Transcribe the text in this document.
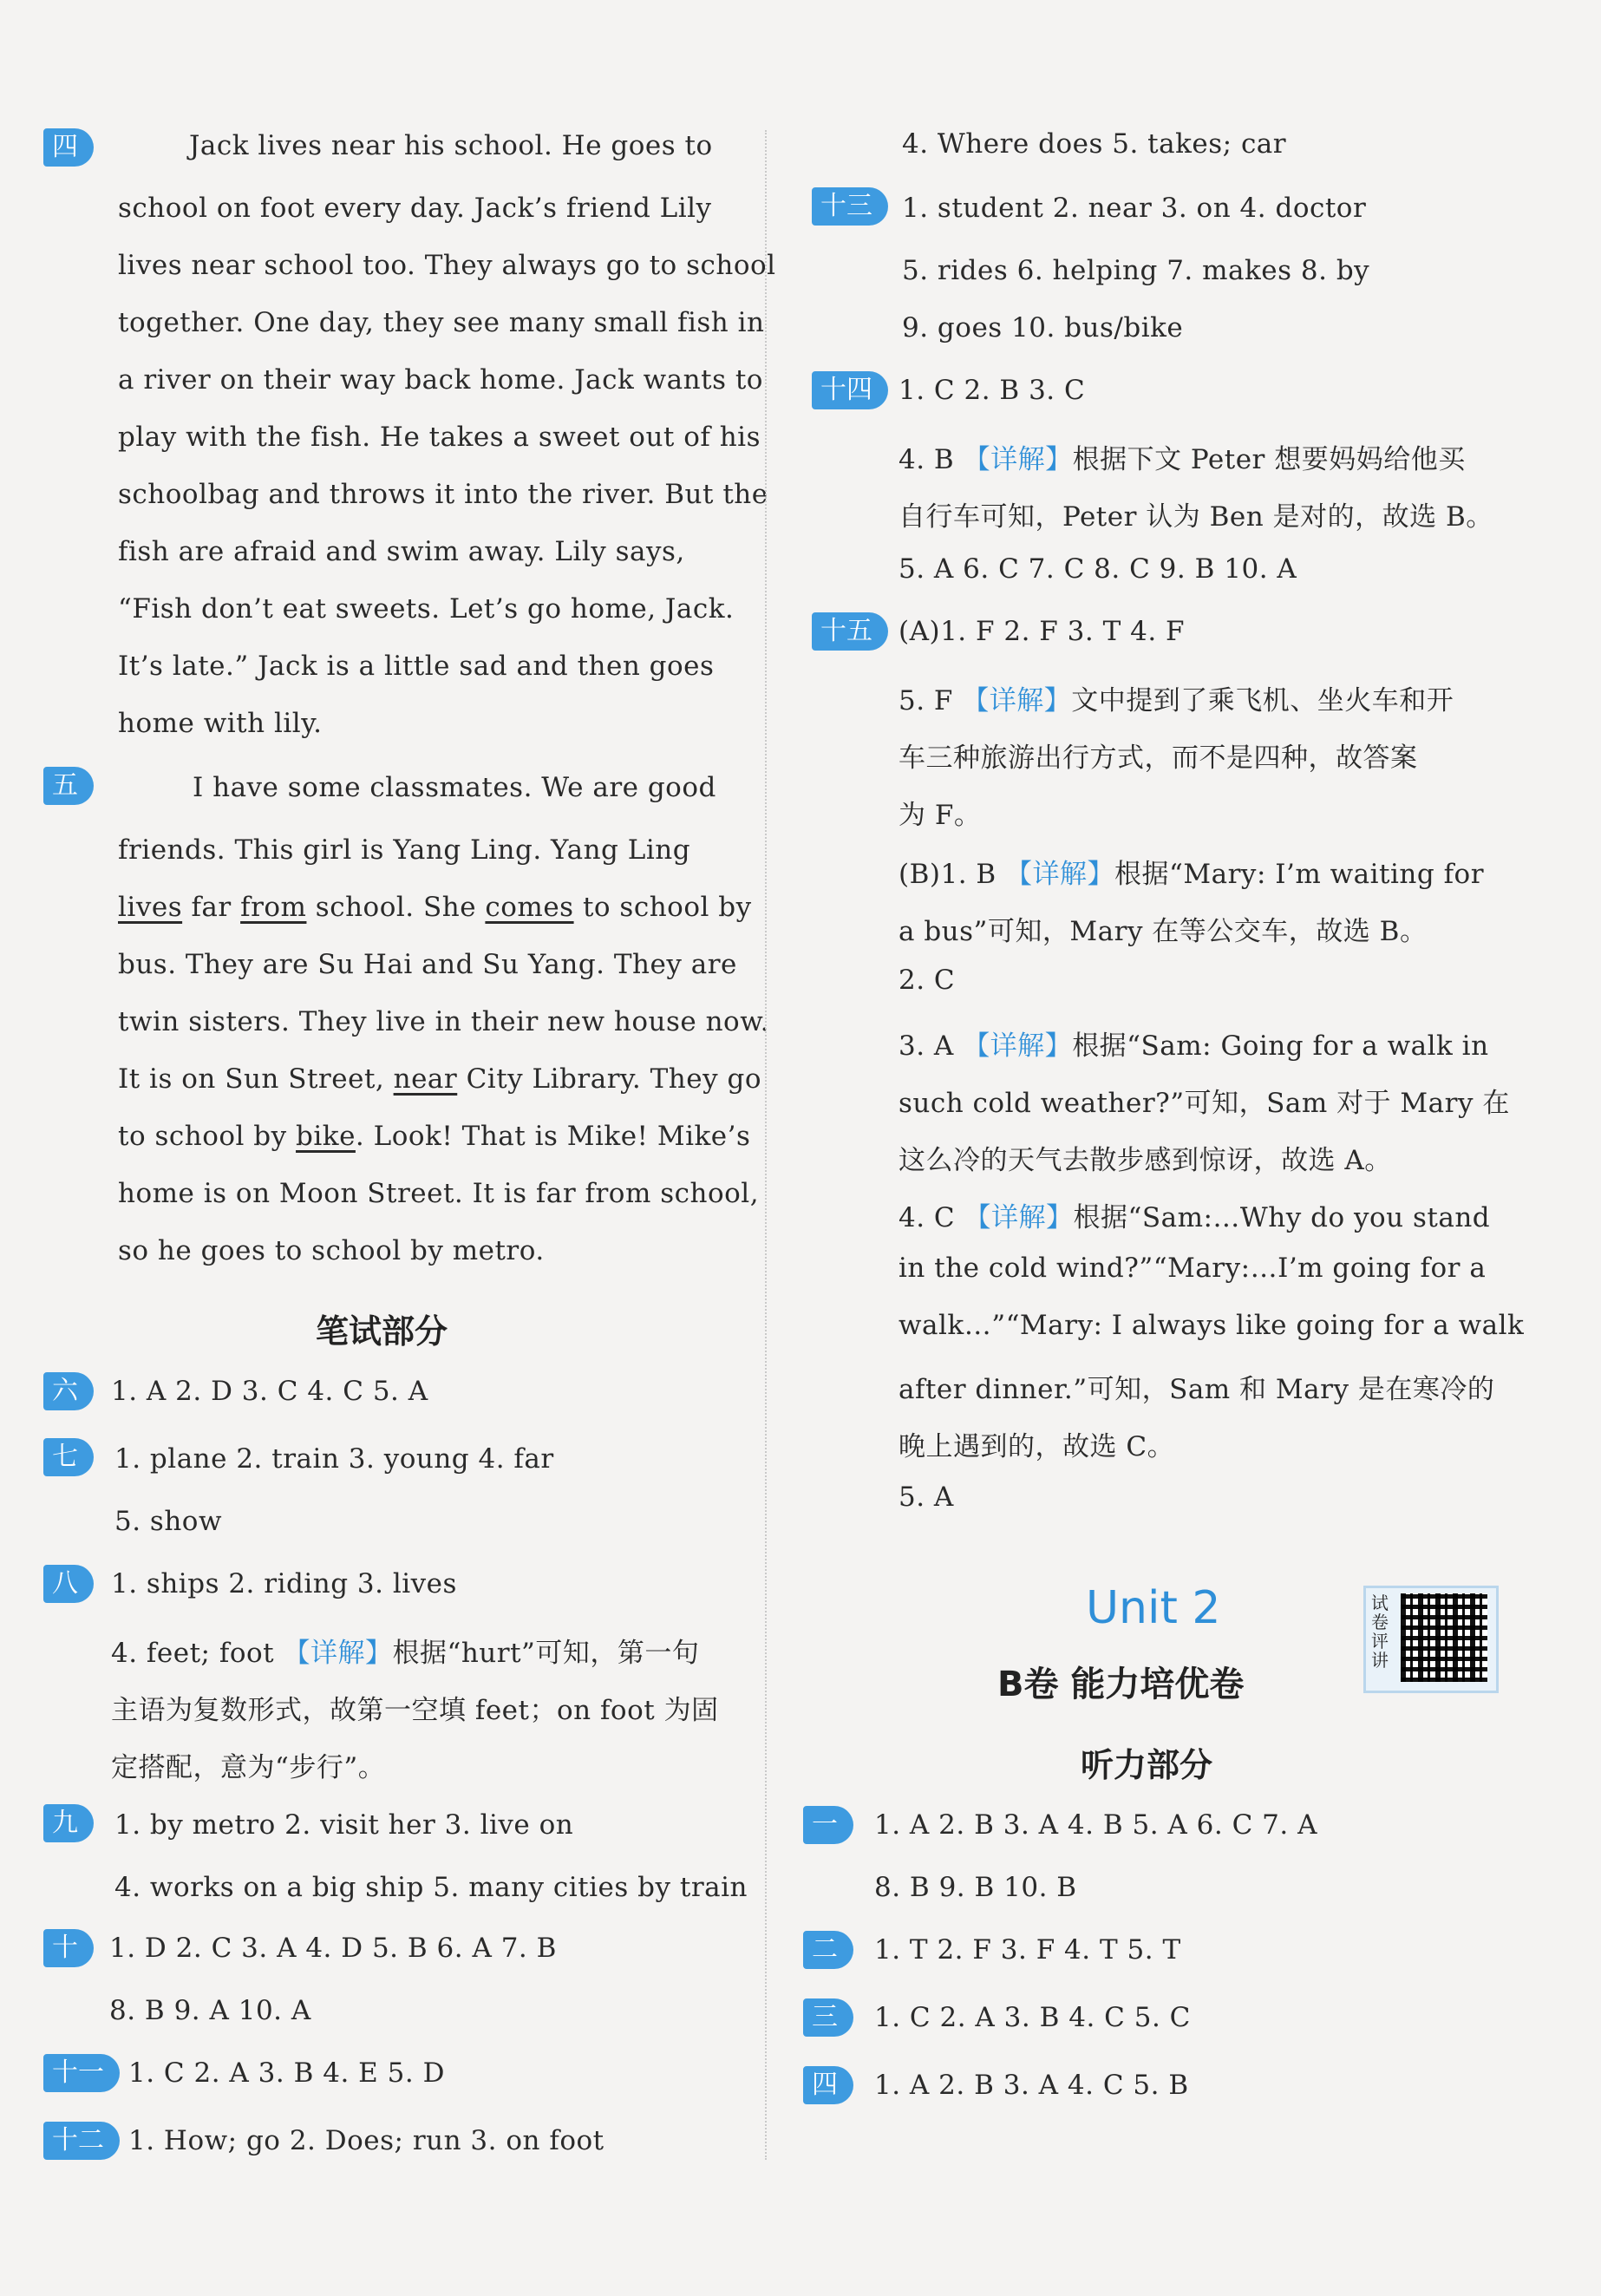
四	Jack lives near his school. He goes to
school on foot every day. Jack’s friend Lily
lives near school too. They always go to school
together. One day, they see many small fish in
a river on their way back home. Jack wants to
play with the fish. He takes a sweet out of his
schoolbag and throws it into the river. But the
fish are afraid and swim away. Lily says,
“Fish don’t eat sweets. Let’s go home, Jack.
It’s late.” Jack is a little sad and then goes
home with lily.
五	I have some classmates. We are good
friends. This girl is Yang Ling. Yang Ling
lives far from school. She comes to school by
bus. They are Su Hai and Su Yang. They are
twin sisters. They live in their new house now.
It is on Sun Street, near City Library. They go
to school by bike. Look! That is Mike! Mike’s
home is on Moon Street. It is far from school,
so he goes to school by metro.
笔试部分
六	1. A 2. D 3. C 4. C 5. A
七	1. plane 2. train 3. young 4. far
5. show
八	1. ships 2. riding 3. lives
4. feet; foot 【详解】根据“hurt”可知，第一句
主语为复数形式，故第一空填 feet；on foot 为固
定搭配，意为“步行”。
九	1. by metro 2. visit her 3. live on
4. works on a big ship 5. many cities by train
十	1. D 2. C 3. A 4. D 5. B 6. A 7. B
8. B 9. A 10. A
十一 1. C 2. A 3. B 4. E 5. D
十二 1. How; go 2. Does; run 3. on foot
4. Where does 5. takes; car
十三	1. student 2. near 3. on 4. doctor
5. rides 6. helping 7. makes 8. by
9. goes 10. bus/bike
十四 1. C 2. B 3. C
4. B 【详解】根据下文 Peter 想要妈妈给他买
自行车可知，Peter 认为 Ben 是对的，故选 B。
5. A 6. C 7. C 8. C 9. B 10. A
十五 (A)1. F 2. F 3. T 4. F
5. F 【详解】文中提到了乘飞机、坐火车和开
车三种旅游出行方式，而不是四种，故答案
为 F。
(B)1. B 【详解】根据“Mary: I’m waiting for
a bus”可知，Mary 在等公交车，故选 B。
2. C
3. A 【详解】根据“Sam: Going for a walk in
such cold weather?”可知，Sam 对于 Mary 在
这么冷的天气去散步感到惊讶，故选 A。
4. C 【详解】根据“Sam:…Why do you stand
in the cold wind?”“Mary:…I’m going for a
walk…”“Mary: I always like going for a walk
after dinner.”可知，Sam 和 Mary 是在寒冷的
晚上遇到的，故选 C。
5. A
Unit 2
B卷 能力培优卷
试卷评讲
听力部分
一	1. A 2. B 3. A 4. B 5. A 6. C 7. A
8. B 9. B 10. B
二	1. T 2. F 3. F 4. T 5. T
三	1. C 2. A 3. B 4. C 5. C
四	1. A 2. B 3. A 4. C 5. B
